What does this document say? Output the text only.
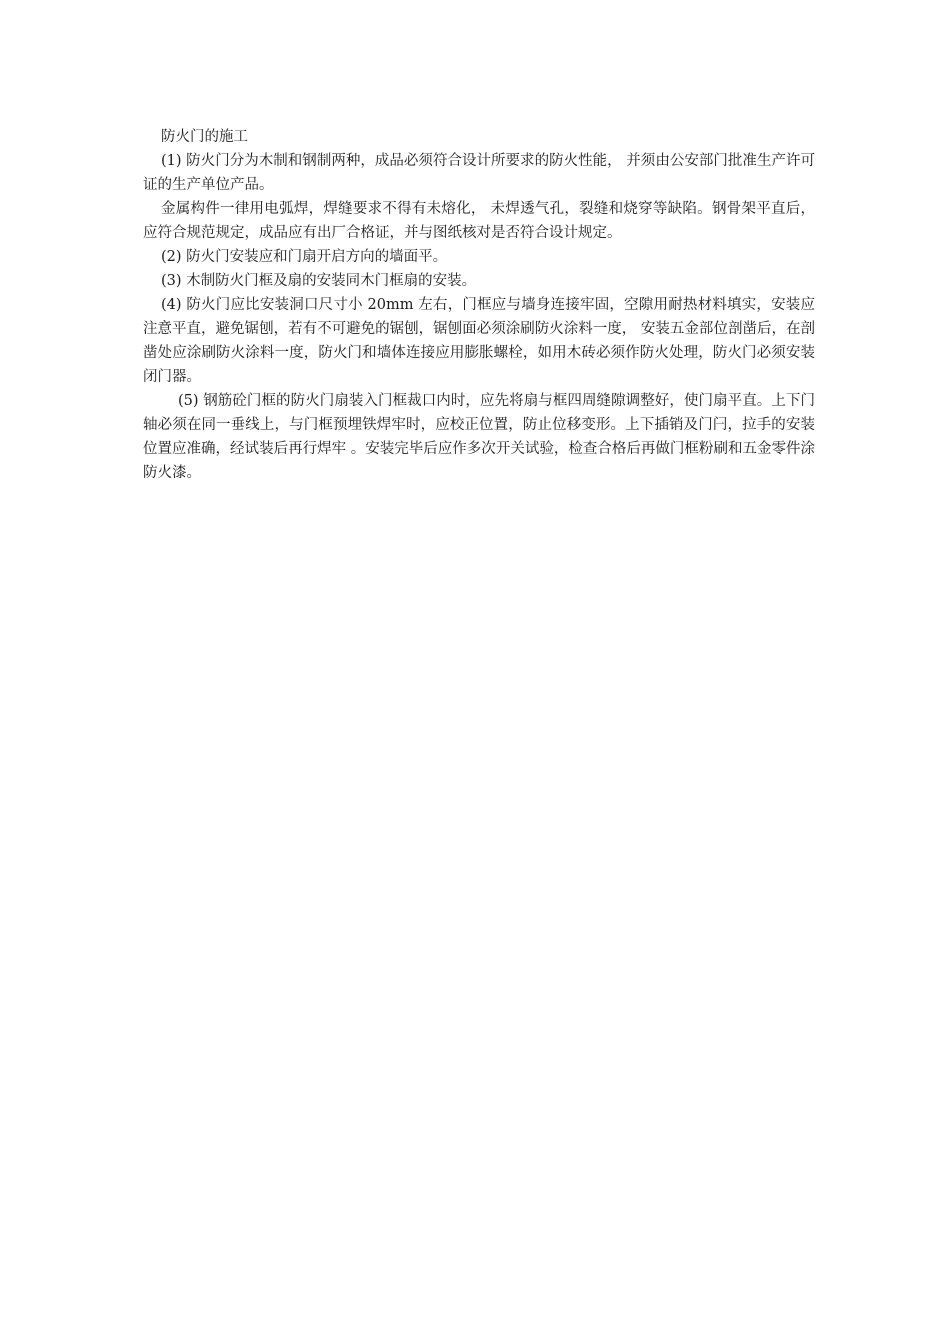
防火门的施工

(1) 防火门分为木制和钢制两种，成品必须符合设计所要求的防火性能， 并须由公安部门批准生产许可证的生产单位产品。

金属构件一律用电弧焊，焊缝要求不得有未熔化， 未焊透气孔，裂缝和烧穿等缺陷。钢骨架平直后， 应符合规范规定，成品应有出厂合格证，并与图纸核对是否符合设计规定。

(2) 防火门安装应和门扇开启方向的墙面平。

(3) 木制防火门框及扇的安装同木门框扇的安装。

(4) 防火门应比安装洞口尺寸小 20mm 左右，门框应与墙身连接牢固，空隙用耐热材料填实，安装应注意平直，避免锯刨，若有不可避免的锯刨，锯刨面必须涂刷防火涂料一度， 安装五金部位剖凿后，在剖凿处应涂刷防火涂料一度，防火门和墙体连接应用膨胀螺栓，如用木砖必须作防火处理，防火门必须安装闭门器。

(5) 钢筋砼门框的防火门扇装入门框裁口内时，应先将扇与框四周缝隙调整好，使门扇平直。上下门轴必须在同一垂线上，与门框预埋铁焊牢时，应校正位置，防止位移变形。上下插销及门闩，拉手的安装位置应准确，经试装后再行焊牢 。安装完毕后应作多次开关试验，检查合格后再做门框粉刷和五金零件涂防火漆。
